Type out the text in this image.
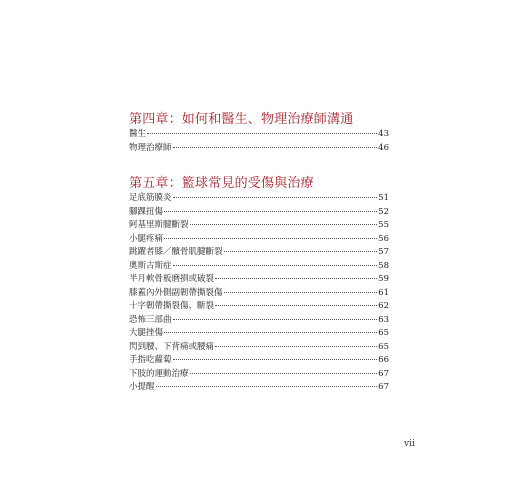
第四章：如何和醫生、物理治療師溝通
醫生	43
物理治療師	46
第五章：籃球常見的受傷與治療
足底筋膜炎	51
腳踝扭傷	52
阿基里斯腱斷裂	55
小腿疼痛	56
跳躍者膝／髕骨肌腱斷裂	57
奧斯古斯症	58
半月軟骨板磨損或破裂	59
膝蓋內外側副韌帶撕裂傷	61
十字韌帶撕裂傷、斷裂	62
恐怖三部曲	63
大腿挫傷	65
閃到腰、下背痛或腰痛	65
手指吃蘿蔔	66
下肢的運動治療	67
小提醒	67
vii
